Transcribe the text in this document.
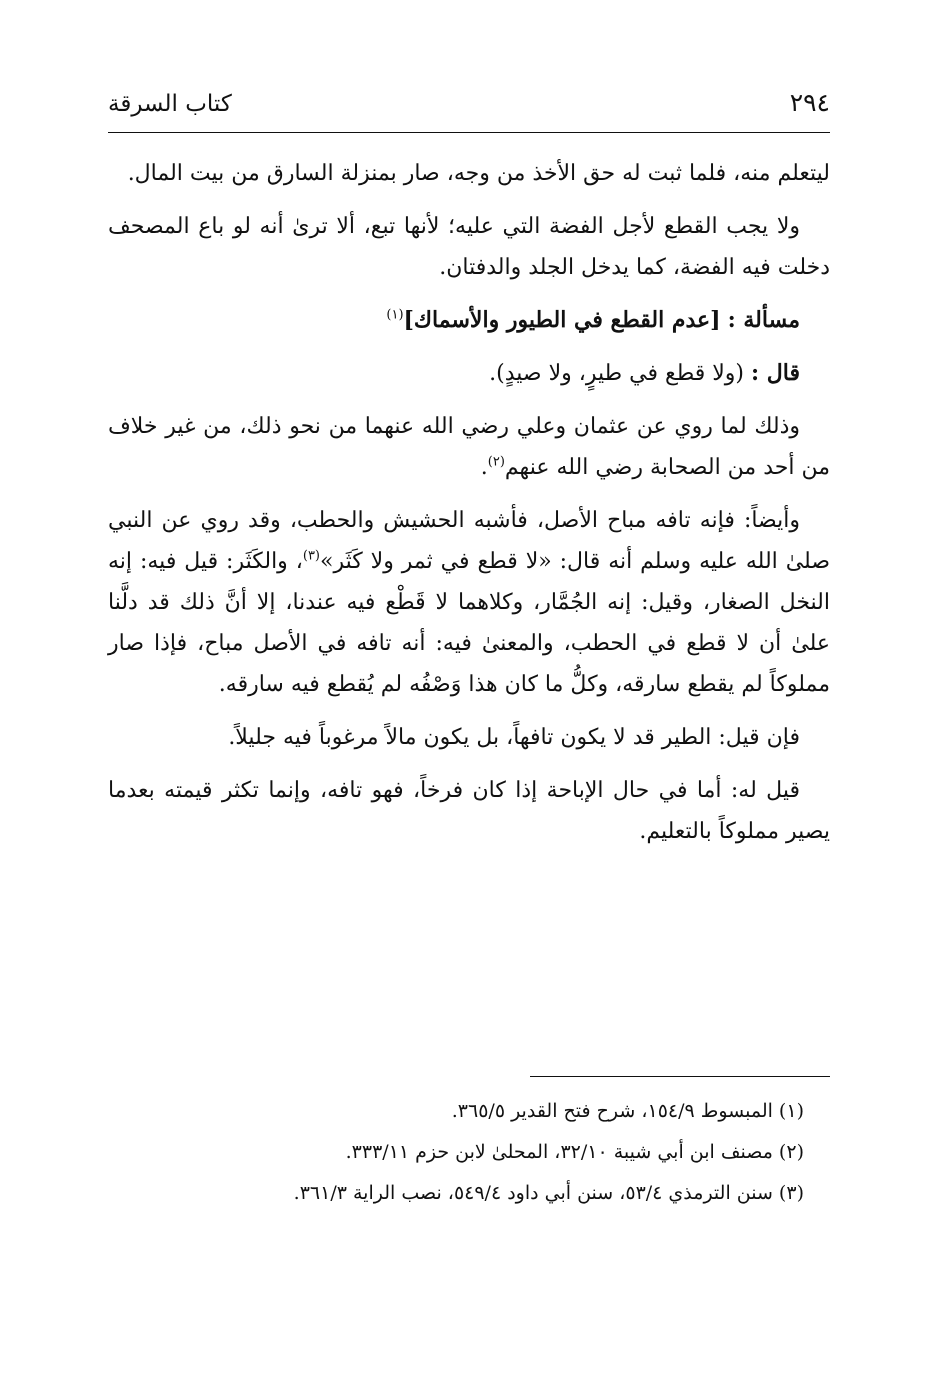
٢٩٤
كتاب السرقة

ليتعلم منه، فلما ثبت له حق الأخذ من وجه، صار بمنزلة السارق من بيت المال.

ولا يجب القطع لأجل الفضة التي عليه؛ لأنها تبع، ألا ترىٰ أنه لو باع المصحف دخلت فيه الفضة، كما يدخل الجلد والدفتان.

مسألة : [عدم القطع في الطيور والأسماك]$^{(١)}$
قال : (ولا قطع في طيرٍ، ولا صيدٍ).

وذلك لما روي عن عثمان وعلي رضي الله عنهما من نحو ذلك، من غير خلاف من أحد من الصحابة رضي الله عنهم$^{(٢)}$.

وأيضاً: فإنه تافه مباح الأصل، فأشبه الحشيش والحطب، وقد روي عن النبي صلىٰ الله عليه وسلم أنه قال: «لا قطع في ثمر ولا كَثَر»$^{(٣)}$، والكَثَر: قيل فيه: إنه النخل الصغار، وقيل: إنه الجُمَّار، وكلاهما لا قَطْع فيه عندنا، إلا أنَّ ذلك قد دلَّنا علىٰ أن لا قطع في الحطب، والمعنىٰ فيه: أنه تافه في الأصل مباح، فإذا صار مملوكاً لم يقطع سارقه، وكلُّ ما كان هذا وَصْفُه لم يُقطع فيه سارقه.

فإن قيل: الطير قد لا يكون تافهاً، بل يكون مالاً مرغوباً فيه جليلاً.

قيل له: أما في حال الإباحة إذا كان فرخاً، فهو تافه، وإنما تكثر قيمته بعدما يصير مملوكاً بالتعليم.

(١) المبسوط ١٥٤/٩، شرح فتح القدير ٣٦٥/٥.

(٢) مصنف ابن أبي شيبة ٣٢/١٠، المحلىٰ لابن حزم ٣٣٣/١١.

(٣) سنن الترمذي ٥٣/٤، سنن أبي داود ٥٤٩/٤، نصب الراية ٣٦١/٣.
